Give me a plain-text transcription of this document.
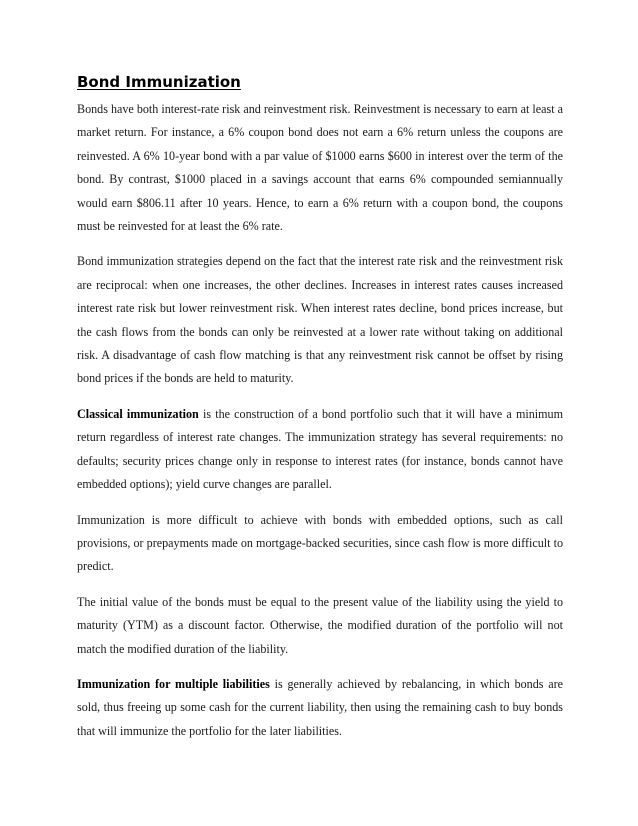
Bond Immunization

Bonds have both interest-rate risk and reinvestment risk. Reinvestment is necessary to earn at least a market return. For instance, a 6% coupon bond does not earn a 6% return unless the coupons are reinvested. A 6% 10-year bond with a par value of $1000 earns $600 in interest over the term of the bond. By contrast, $1000 placed in a savings account that earns 6% compounded semiannually would earn $806.11 after 10 years. Hence, to earn a 6% return with a coupon bond, the coupons must be reinvested for at least the 6% rate.

Bond immunization strategies depend on the fact that the interest rate risk and the reinvestment risk are reciprocal: when one increases, the other declines. Increases in interest rates causes increased interest rate risk but lower reinvestment risk. When interest rates decline, bond prices increase, but the cash flows from the bonds can only be reinvested at a lower rate without taking on additional risk. A disadvantage of cash flow matching is that any reinvestment risk cannot be offset by rising bond prices if the bonds are held to maturity.

Classical immunization is the construction of a bond portfolio such that it will have a minimum return regardless of interest rate changes. The immunization strategy has several requirements: no defaults; security prices change only in response to interest rates (for instance, bonds cannot have embedded options); yield curve changes are parallel.

Immunization is more difficult to achieve with bonds with embedded options, such as call provisions, or prepayments made on mortgage-backed securities, since cash flow is more difficult to predict.

The initial value of the bonds must be equal to the present value of the liability using the yield to maturity (YTM) as a discount factor. Otherwise, the modified duration of the portfolio will not match the modified duration of the liability.

Immunization for multiple liabilities is generally achieved by rebalancing, in which bonds are sold, thus freeing up some cash for the current liability, then using the remaining cash to buy bonds that will immunize the portfolio for the later liabilities.
